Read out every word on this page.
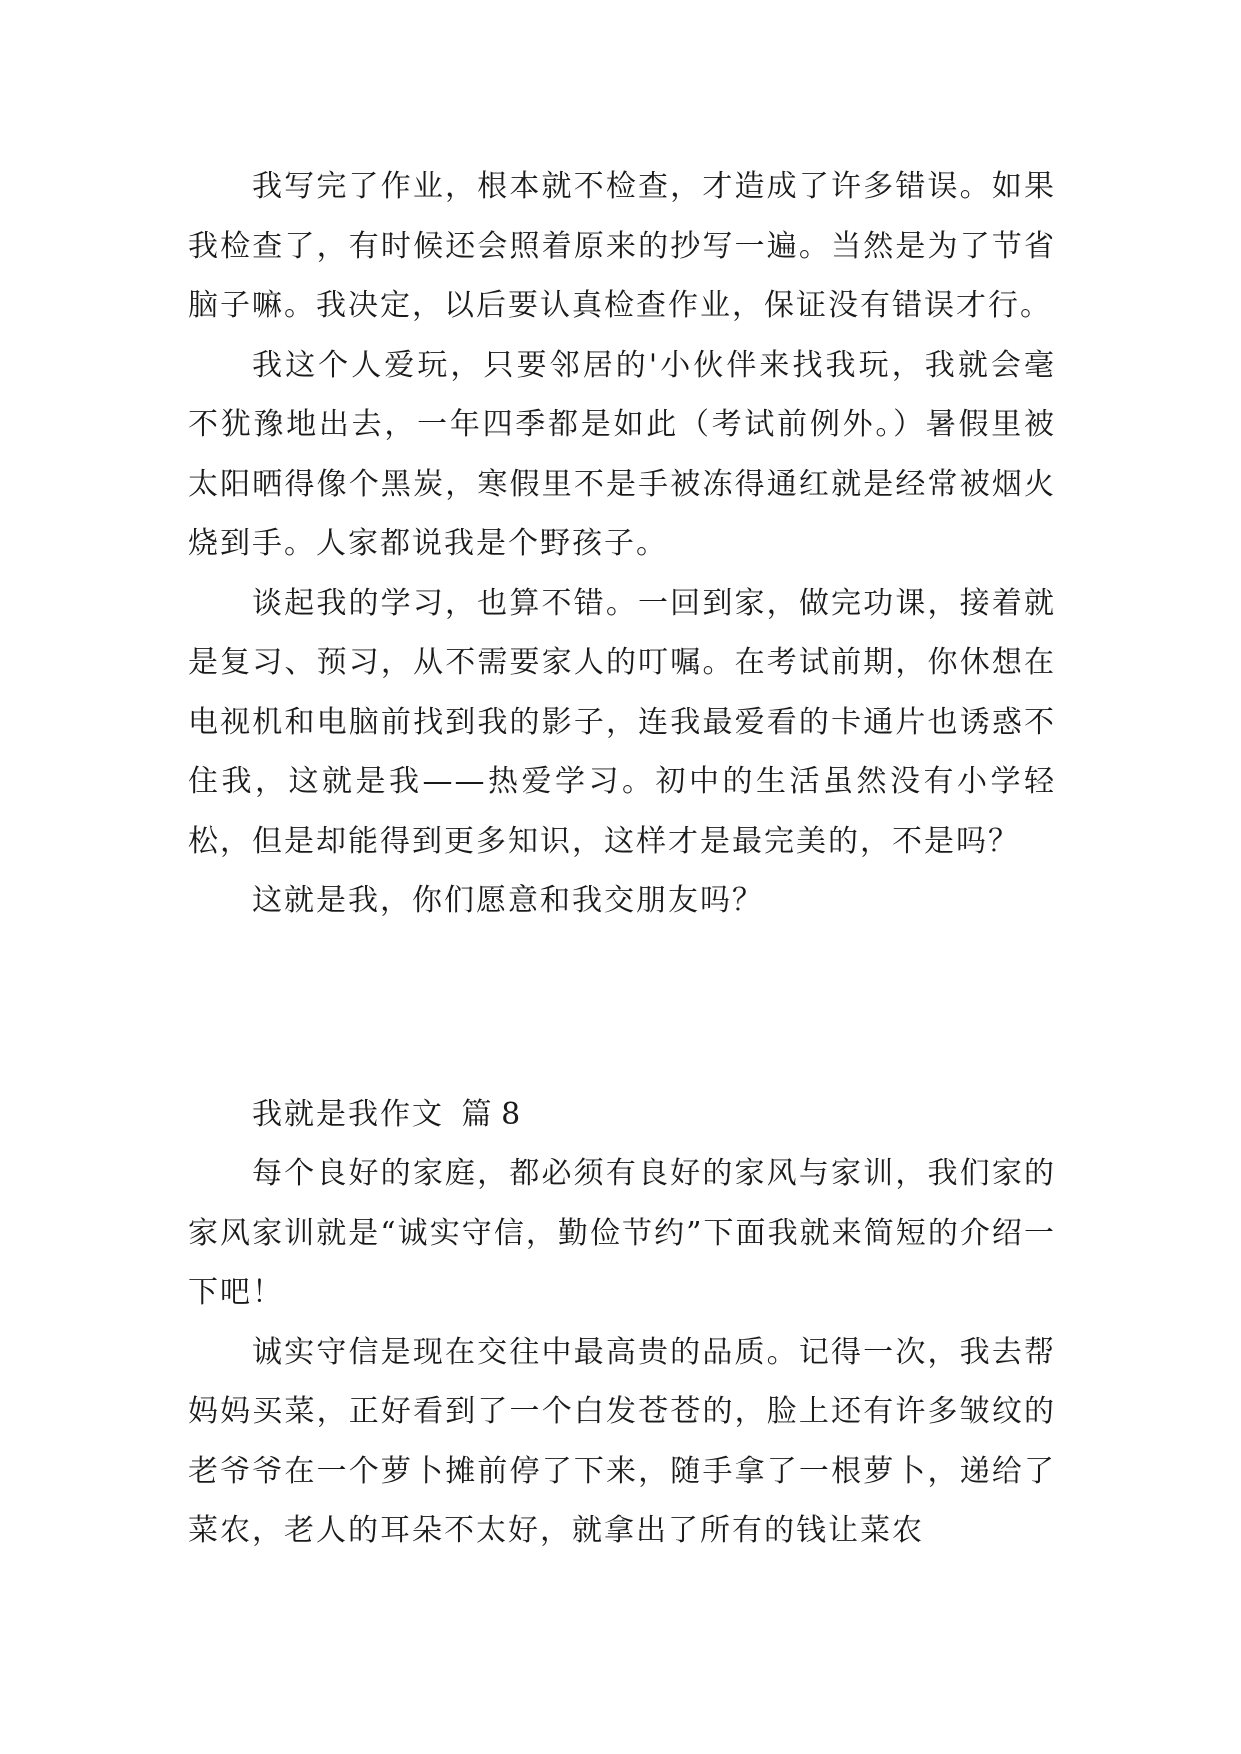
我写完了作业，根本就不检查，才造成了许多错误。如果我检查了，有时候还会照着原来的抄写一遍。当然是为了节省脑子嘛。我决定，以后要认真检查作业，保证没有错误才行。

我这个人爱玩，只要邻居的'小伙伴来找我玩，我就会毫不犹豫地出去，一年四季都是如此（考试前例外。）暑假里被太阳晒得像个黑炭，寒假里不是手被冻得通红就是经常被烟火烧到手。人家都说我是个野孩子。

谈起我的学习，也算不错。一回到家，做完功课，接着就是复习、预习，从不需要家人的叮嘱。在考试前期，你休想在电视机和电脑前找到我的影子，连我最爱看的卡通片也诱惑不住我，这就是我——热爱学习。初中的生活虽然没有小学轻松，但是却能得到更多知识，这样才是最完美的，不是吗？

这就是我，你们愿意和我交朋友吗？

我就是我作文 篇 8

每个良好的家庭，都必须有良好的家风与家训，我们家的家风家训就是“诚实守信，勤俭节约”下面我就来简短的介绍一下吧！

诚实守信是现在交往中最高贵的品质。记得一次，我去帮妈妈买菜，正好看到了一个白发苍苍的，脸上还有许多皱纹的老爷爷在一个萝卜摊前停了下来，随手拿了一根萝卜，递给了菜农，老人的耳朵不太好，就拿出了所有的钱让菜农
